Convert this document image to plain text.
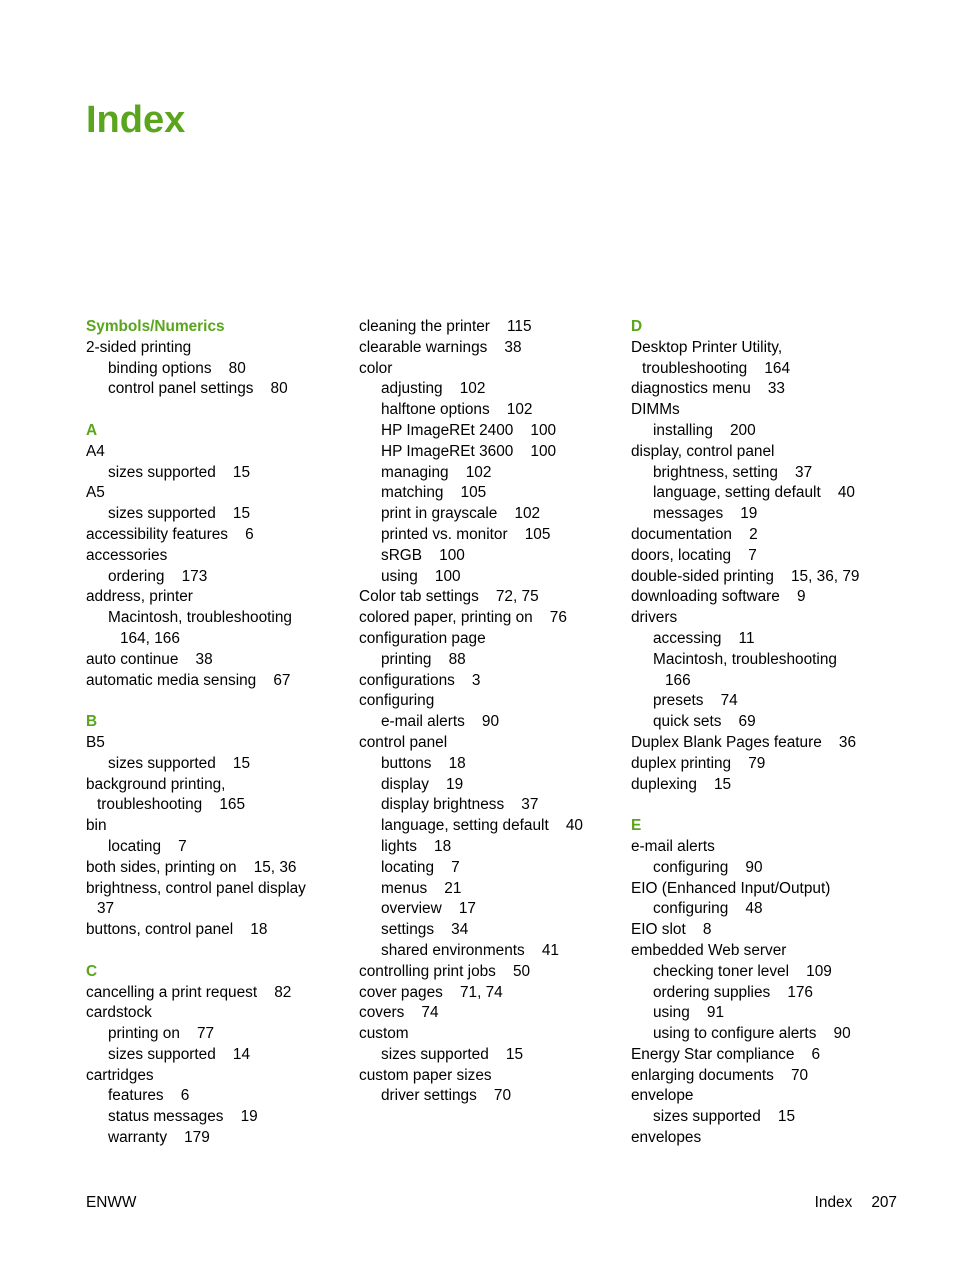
Index
Symbols/Numerics
2-sided printing
binding options    80
control panel settings    80
A
A4
sizes supported    15
A5
sizes supported    15
accessibility features    6
accessories
ordering    173
address, printer
Macintosh, troubleshooting
164, 166
auto continue    38
automatic media sensing    67
B
B5
sizes supported    15
background printing,
troubleshooting    165
bin
locating    7
both sides, printing on    15, 36
brightness, control panel display
37
buttons, control panel    18
C
cancelling a print request    82
cardstock
printing on    77
sizes supported    14
cartridges
features    6
status messages    19
warranty    179
cleaning the printer    115
clearable warnings    38
color
adjusting    102
halftone options    102
HP ImageREt 2400    100
HP ImageREt 3600    100
managing    102
matching    105
print in grayscale    102
printed vs. monitor    105
sRGB    100
using    100
Color tab settings    72, 75
colored paper, printing on    76
configuration page
printing    88
configurations    3
configuring
e-mail alerts    90
control panel
buttons    18
display    19
display brightness    37
language, setting default    40
lights    18
locating    7
menus    21
overview    17
settings    34
shared environments    41
controlling print jobs    50
cover pages    71, 74
covers    74
custom
sizes supported    15
custom paper sizes
driver settings    70
D
Desktop Printer Utility,
troubleshooting    164
diagnostics menu    33
DIMMs
installing    200
display, control panel
brightness, setting    37
language, setting default    40
messages    19
documentation    2
doors, locating    7
double-sided printing    15, 36, 79
downloading software    9
drivers
accessing    11
Macintosh, troubleshooting
166
presets    74
quick sets    69
Duplex Blank Pages feature    36
duplex printing    79
duplexing    15
E
e-mail alerts
configuring    90
EIO (Enhanced Input/Output)
configuring    48
EIO slot    8
embedded Web server
checking toner level    109
ordering supplies    176
using    91
using to configure alerts    90
Energy Star compliance    6
enlarging documents    70
envelope
sizes supported    15
envelopes
ENWW	Index 207
